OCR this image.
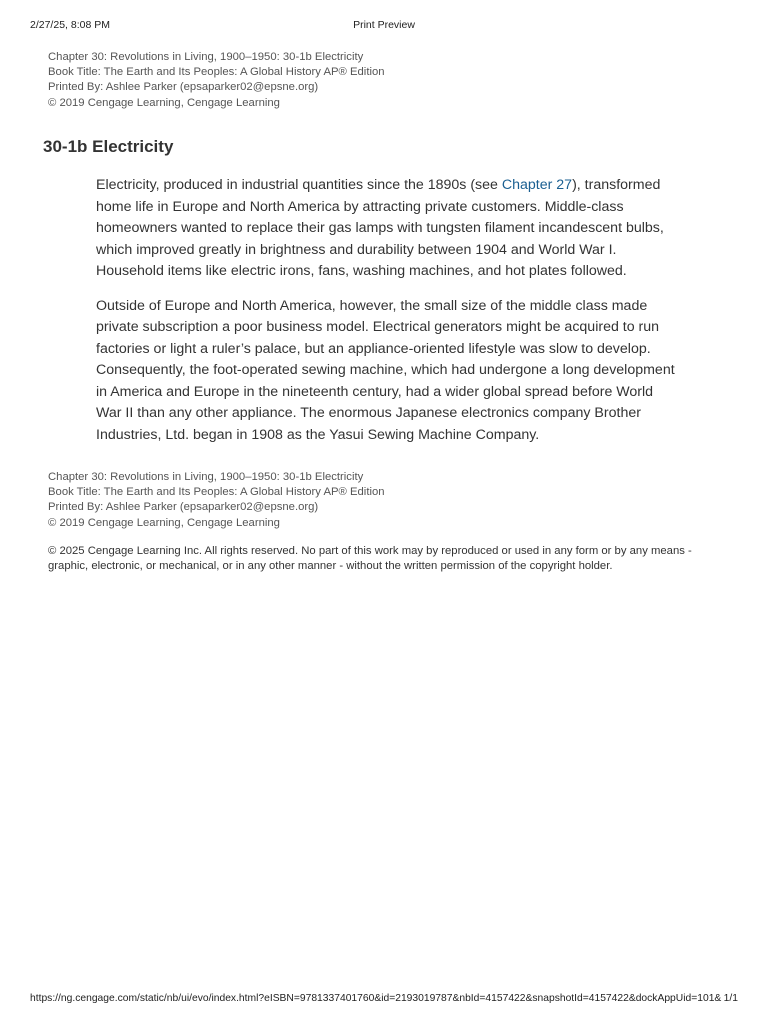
2/27/25, 8:08 PM	Print Preview
Chapter 30: Revolutions in Living, 1900–1950: 30-1b Electricity
Book Title: The Earth and Its Peoples: A Global History AP® Edition
Printed By: Ashlee Parker (epsaparker02@epsne.org)
© 2019 Cengage Learning, Cengage Learning
30-1b Electricity

Electricity, produced in industrial quantities since the 1890s (see Chapter 27), transformed home life in Europe and North America by attracting private customers. Middle-class homeowners wanted to replace their gas lamps with tungsten filament incandescent bulbs, which improved greatly in brightness and durability between 1904 and World War I. Household items like electric irons, fans, washing machines, and hot plates followed.

Outside of Europe and North America, however, the small size of the middle class made private subscription a poor business model. Electrical generators might be acquired to run factories or light a ruler’s palace, but an appliance-oriented lifestyle was slow to develop. Consequently, the foot-operated sewing machine, which had undergone a long development in America and Europe in the nineteenth century, had a wider global spread before World War II than any other appliance. The enormous Japanese electronics company Brother Industries, Ltd. began in 1908 as the Yasui Sewing Machine Company.

Chapter 30: Revolutions in Living, 1900–1950: 30-1b Electricity
Book Title: The Earth and Its Peoples: A Global History AP® Edition
Printed By: Ashlee Parker (epsaparker02@epsne.org)
© 2019 Cengage Learning, Cengage Learning
© 2025 Cengage Learning Inc. All rights reserved. No part of this work may by reproduced or used in any form or by any means - graphic, electronic, or mechanical, or in any other manner - without the written permission of the copyright holder.
https://ng.cengage.com/static/nb/ui/evo/index.html?eISBN=9781337401760&id=2193019787&nbId=4157422&snapshotId=4157422&dockAppUid=101& 1/1
